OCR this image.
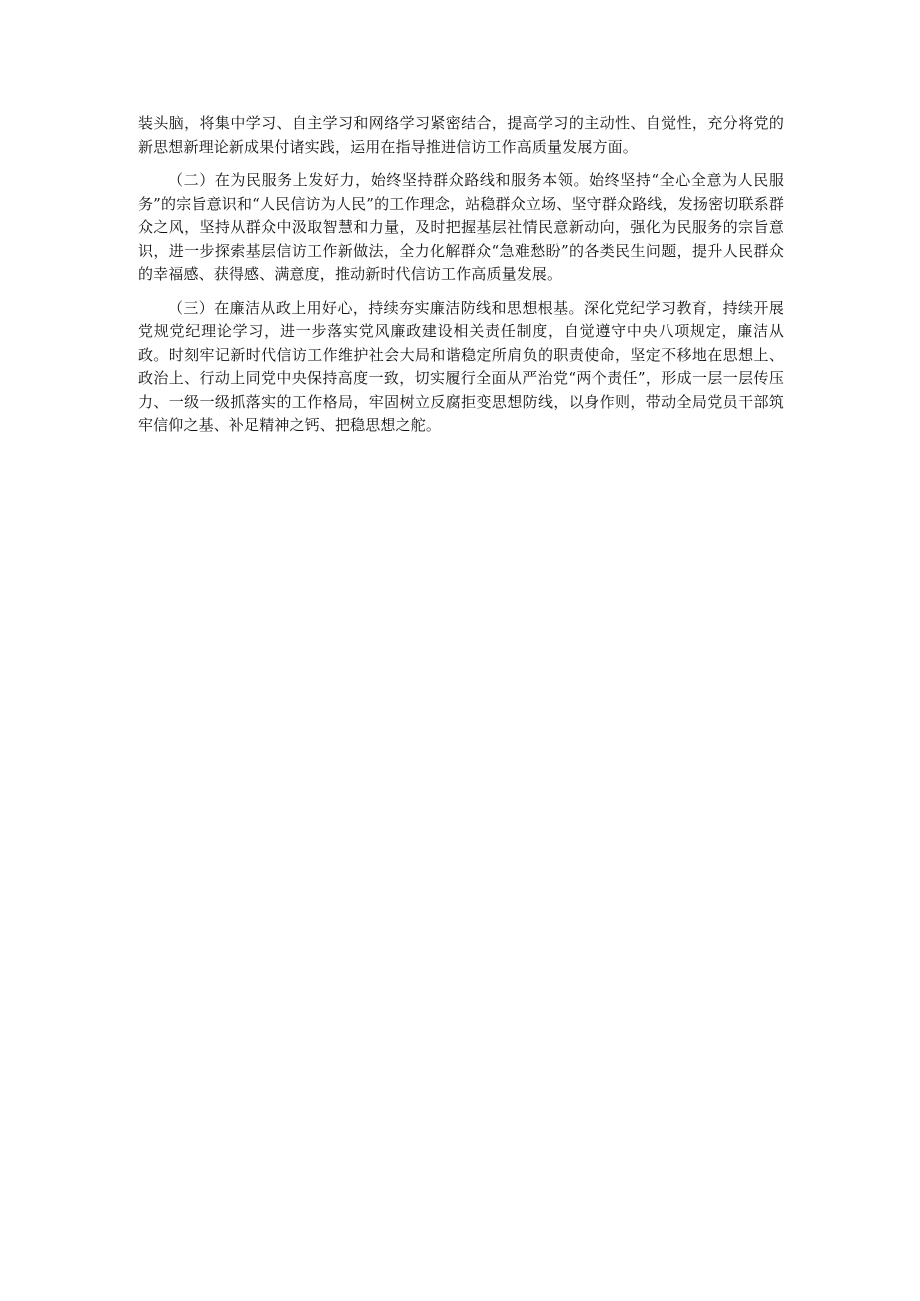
装头脑，将集中学习、自主学习和网络学习紧密结合，提高学习的主动性、自觉性，充分将党的新思想新理论新成果付诸实践，运用在指导推进信访工作高质量发展方面。

（二）在为民服务上发好力，始终坚持群众路线和服务本领。始终坚持“全心全意为人民服务”的宗旨意识和“人民信访为人民”的工作理念，站稳群众立场、坚守群众路线，发扬密切联系群众之风，坚持从群众中汲取智慧和力量，及时把握基层社情民意新动向，强化为民服务的宗旨意识，进一步探索基层信访工作新做法，全力化解群众“急难愁盼”的各类民生问题，提升人民群众的幸福感、获得感、满意度，推动新时代信访工作高质量发展。

（三）在廉洁从政上用好心，持续夯实廉洁防线和思想根基。深化党纪学习教育，持续开展党规党纪理论学习，进一步落实党风廉政建设相关责任制度，自觉遵守中央八项规定，廉洁从政。时刻牢记新时代信访工作维护社会大局和谐稳定所肩负的职责使命，坚定不移地在思想上、政治上、行动上同党中央保持高度一致，切实履行全面从严治党“两个责任”，形成一层一层传压力、一级一级抓落实的工作格局，牢固树立反腐拒变思想防线，以身作则，带动全局党员干部筑牢信仰之基、补足精神之钙、把稳思想之舵。
